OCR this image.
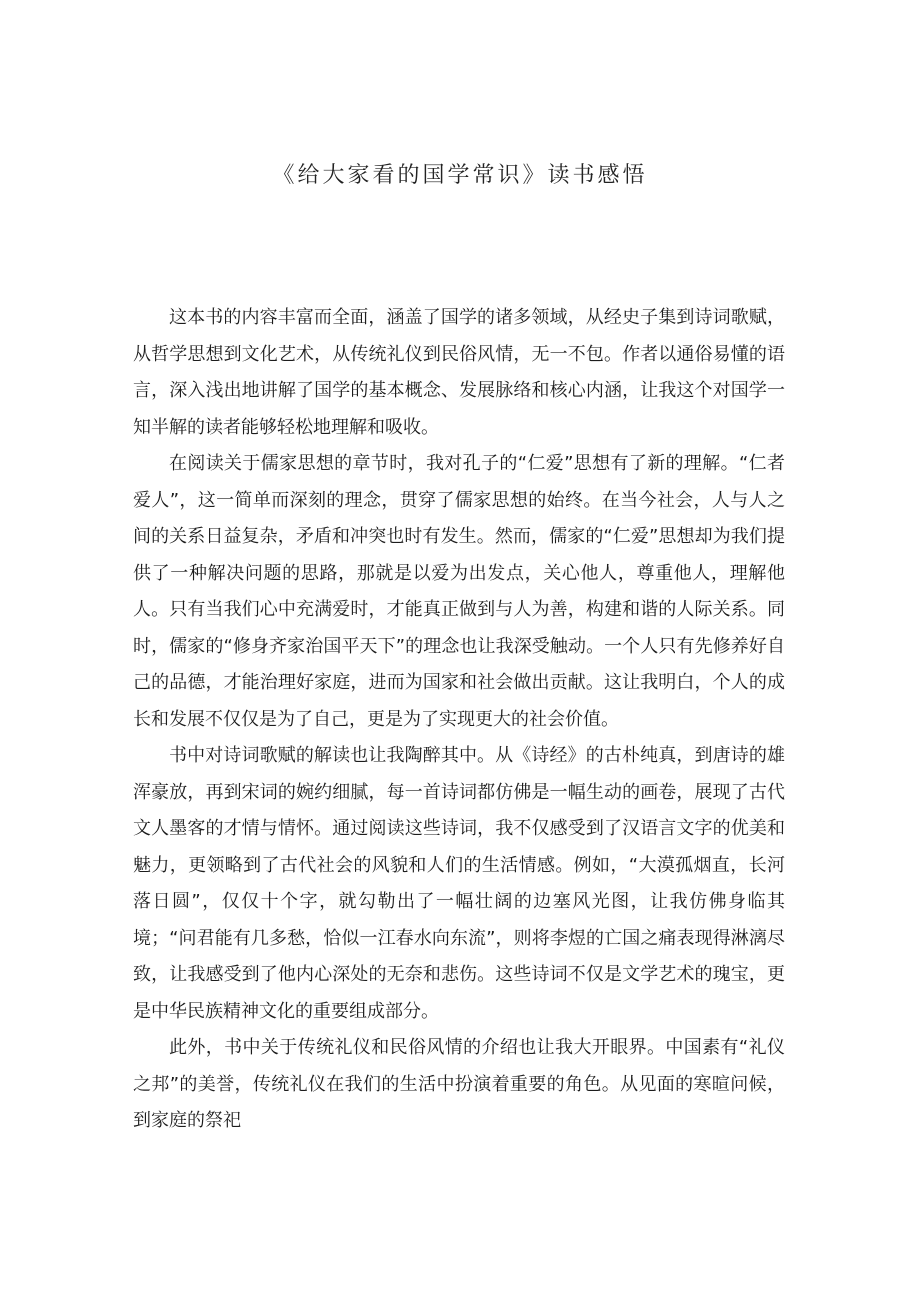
《给大家看的国学常识》读书感悟

这本书的内容丰富而全面，涵盖了国学的诸多领域，从经史子集到诗词歌赋，从哲学思想到文化艺术，从传统礼仪到民俗风情，无一不包。作者以通俗易懂的语言，深入浅出地讲解了国学的基本概念、发展脉络和核心内涵，让我这个对国学一知半解的读者能够轻松地理解和吸收。

在阅读关于儒家思想的章节时，我对孔子的“仁爱”思想有了新的理解。“仁者爱人”，这一简单而深刻的理念，贯穿了儒家思想的始终。在当今社会，人与人之间的关系日益复杂，矛盾和冲突也时有发生。然而，儒家的“仁爱”思想却为我们提供了一种解决问题的思路，那就是以爱为出发点，关心他人，尊重他人，理解他人。只有当我们心中充满爱时，才能真正做到与人为善，构建和谐的人际关系。同时，儒家的“修身齐家治国平天下”的理念也让我深受触动。一个人只有先修养好自己的品德，才能治理好家庭，进而为国家和社会做出贡献。这让我明白，个人的成长和发展不仅仅是为了自己，更是为了实现更大的社会价值。

书中对诗词歌赋的解读也让我陶醉其中。从《诗经》的古朴纯真，到唐诗的雄浑豪放，再到宋词的婉约细腻，每一首诗词都仿佛是一幅生动的画卷，展现了古代文人墨客的才情与情怀。通过阅读这些诗词，我不仅感受到了汉语言文字的优美和魅力，更领略到了古代社会的风貌和人们的生活情感。例如，“大漠孤烟直，长河落日圆”，仅仅十个字，就勾勒出了一幅壮阔的边塞风光图，让我仿佛身临其境；“问君能有几多愁，恰似一江春水向东流”，则将李煜的亡国之痛表现得淋漓尽致，让我感受到了他内心深处的无奈和悲伤。这些诗词不仅是文学艺术的瑰宝，更是中华民族精神文化的重要组成部分。

此外，书中关于传统礼仪和民俗风情的介绍也让我大开眼界。中国素有“礼仪之邦”的美誉，传统礼仪在我们的生活中扮演着重要的角色。从见面的寒暄问候，到家庭的祭祀
